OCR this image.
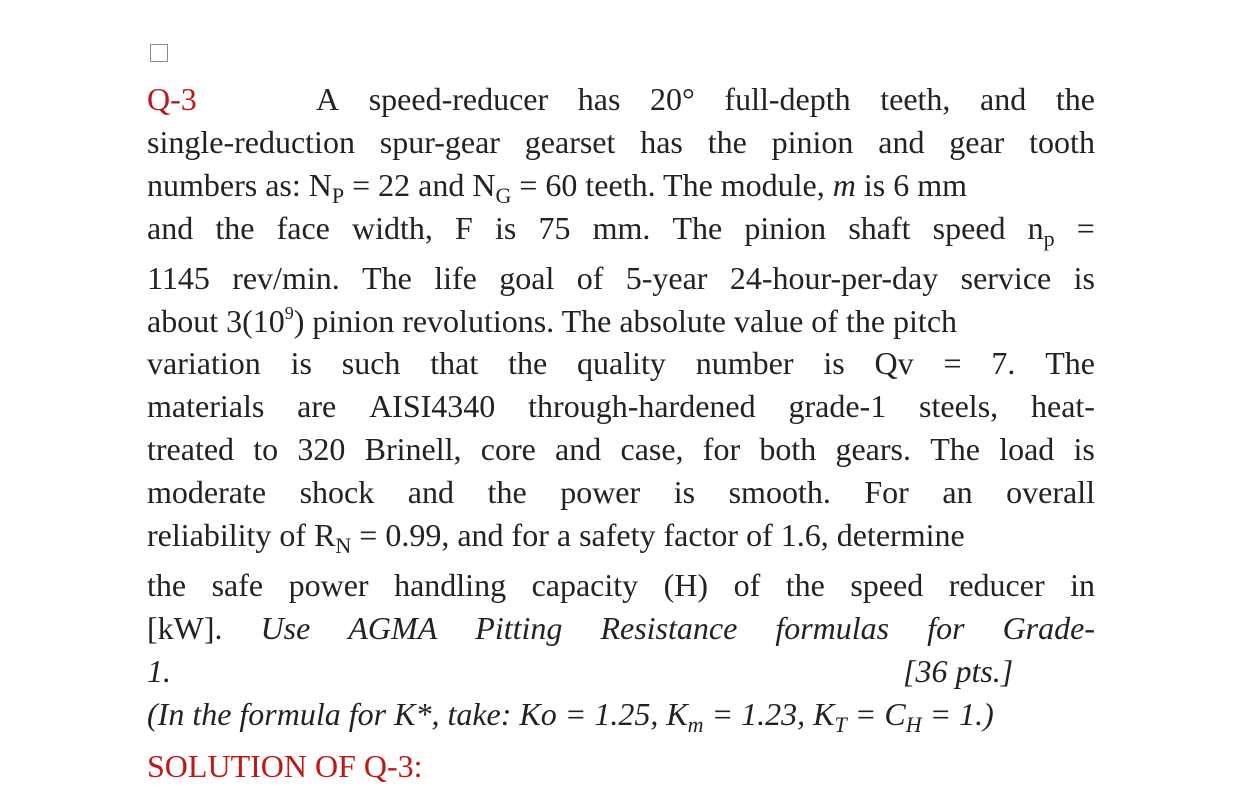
Q-3	A speed-reducer has 20° full-depth teeth, and the
single-reduction spur-gear gearset has the pinion and gear tooth
numbers as: $N_P = 22$ and $N_G = 60$ teeth. The module, m is 6 mm
and the face width, F is 75 mm. The pinion shaft speed $n_p$ =
1145 rev/min. The life goal of 5-year 24-hour-per-day service is
about $3(10^9)$ pinion revolutions. The absolute value of the pitch
variation is such that the quality number is Qv = 7. The
materials are AISI4340 through-hardened grade-1 steels, heat-
treated to 320 Brinell, core and case, for both gears. The load is
moderate shock and the power is smooth. For an overall
reliability of $R_N = 0.99$, and for a safety factor of 1.6, determine
the safe power handling capacity (H) of the speed reducer in
[kW]. Use AGMA Pitting Resistance formulas for Grade-
1.	[36 pts.]
(In the formula for K*, take: Ko = 1.25, $K_m = 1.23$, $K_T = C_H = 1$.)
SOLUTION OF Q-3:
